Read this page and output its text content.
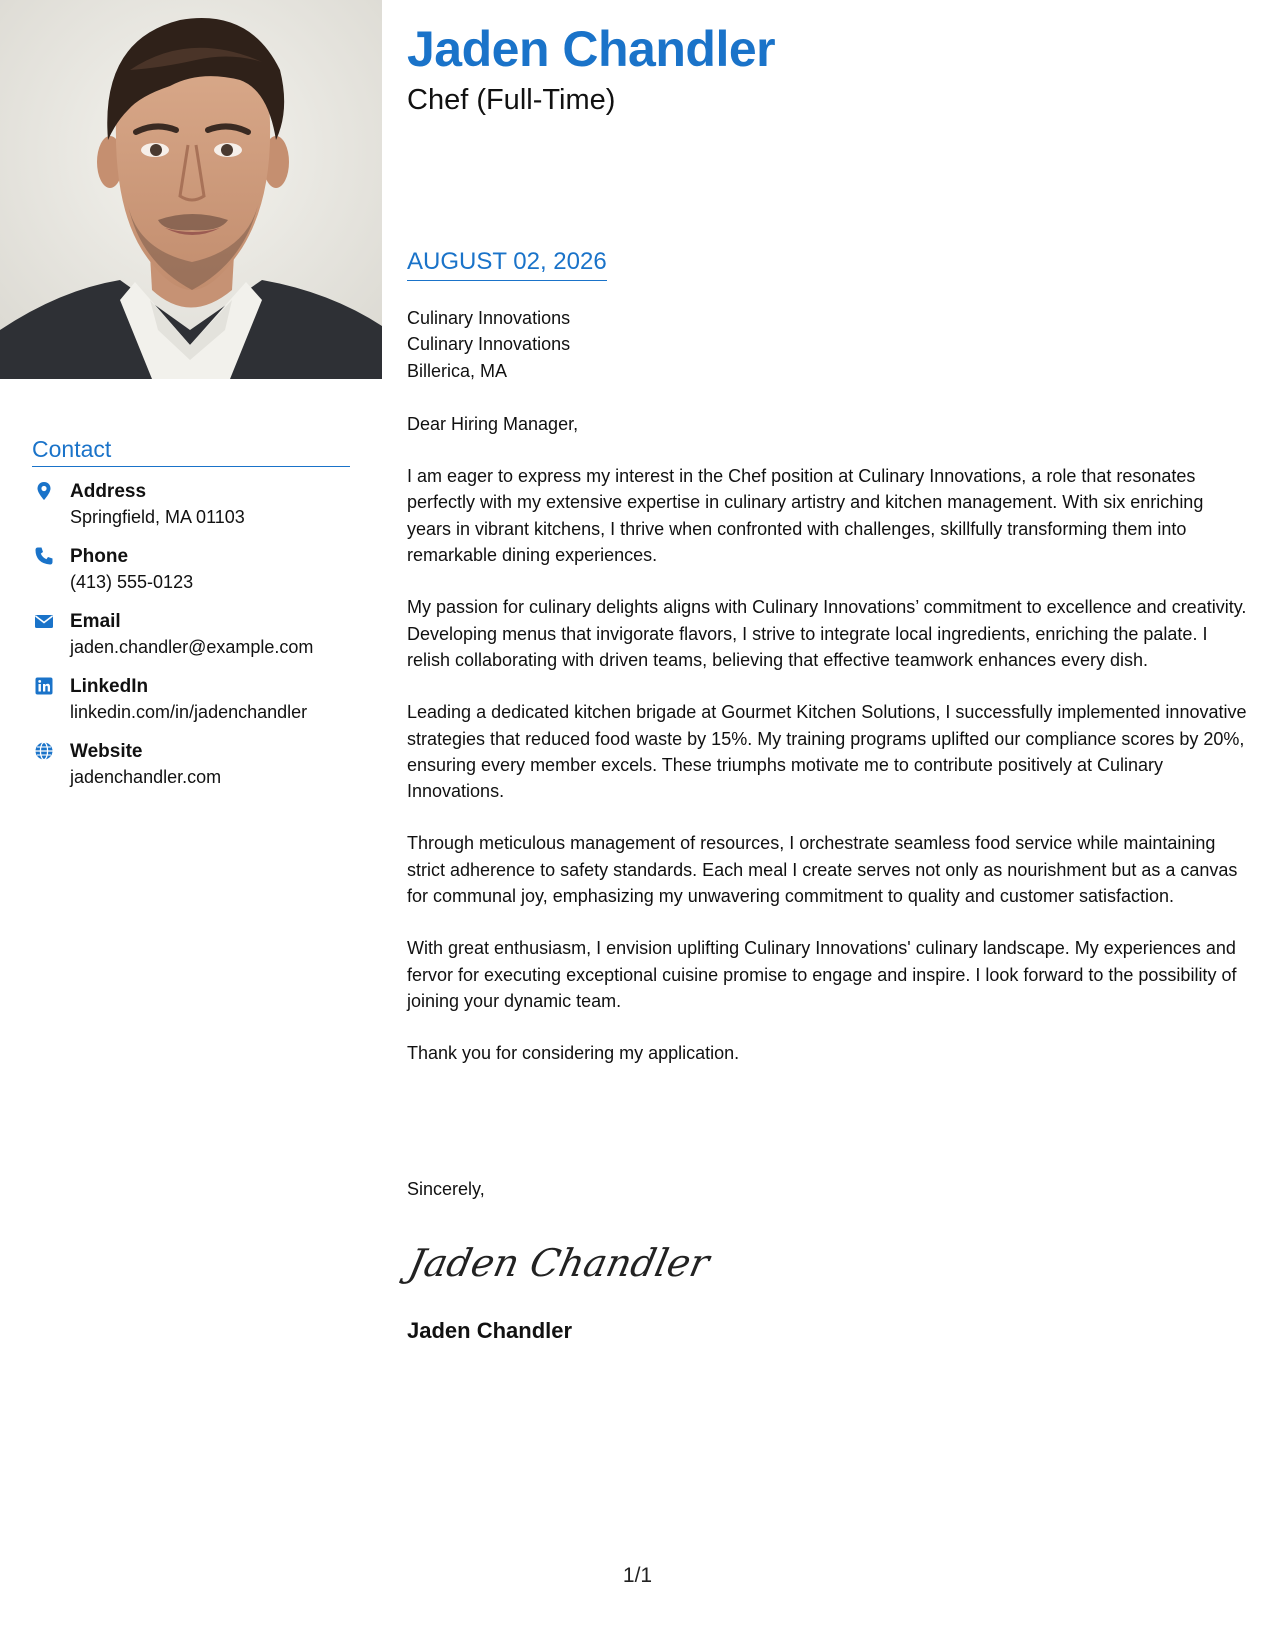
Contact
Address
Springfield, MA 01103
Phone
(413) 555-0123
Email
jaden.chandler@example.com
LinkedIn
linkedin.com/in/jadenchandler
Website
jadenchandler.com
Jaden Chandler
Chef (Full-Time)
AUGUST 02, 2026
Culinary Innovations
Culinary Innovations
Billerica, MA
Dear Hiring Manager,

I am eager to express my interest in the Chef position at Culinary Innovations, a role that resonates perfectly with my extensive expertise in culinary artistry and kitchen management. With six enriching years in vibrant kitchens, I thrive when confronted with challenges, skillfully transforming them into remarkable dining experiences.

My passion for culinary delights aligns with Culinary Innovations’ commitment to excellence and creativity. Developing menus that invigorate flavors, I strive to integrate local ingredients, enriching the palate. I relish collaborating with driven teams, believing that effective teamwork enhances every dish.

Leading a dedicated kitchen brigade at Gourmet Kitchen Solutions, I successfully implemented innovative strategies that reduced food waste by 15%. My training programs uplifted our compliance scores by 20%, ensuring every member excels. These triumphs motivate me to contribute positively at Culinary Innovations.

Through meticulous management of resources, I orchestrate seamless food service while maintaining strict adherence to safety standards. Each meal I create serves not only as nourishment but as a canvas for communal joy, emphasizing my unwavering commitment to quality and customer satisfaction.

With great enthusiasm, I envision uplifting Culinary Innovations' culinary landscape. My experiences and fervor for executing exceptional cuisine promise to engage and inspire. I look forward to the possibility of joining your dynamic team.

Thank you for considering my application.

Sincerely,
Jaden Chandler
Jaden Chandler
1/1
